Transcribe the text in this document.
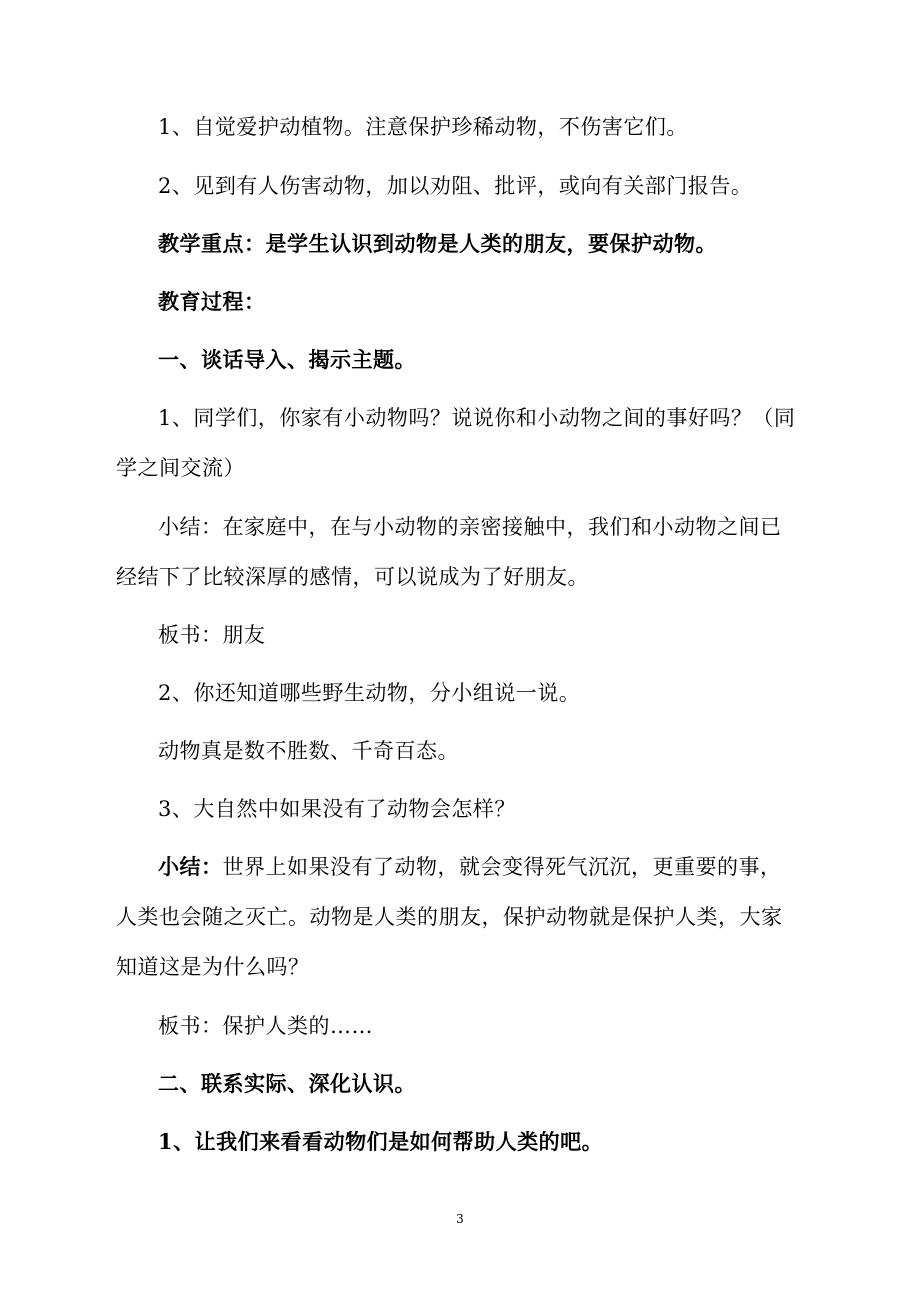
1、自觉爱护动植物。注意保护珍稀动物，不伤害它们。
2、见到有人伤害动物，加以劝阻、批评，或向有关部门报告。
教学重点：是学生认识到动物是人类的朋友，要保护动物。
教育过程：
一、谈话导入、揭示主题。
1、同学们，你家有小动物吗？说说你和小动物之间的事好吗？（同
学之间交流）
小结：在家庭中，在与小动物的亲密接触中，我们和小动物之间已
经结下了比较深厚的感情，可以说成为了好朋友。
板书：朋友
2、你还知道哪些野生动物，分小组说一说。
动物真是数不胜数、千奇百态。
3、大自然中如果没有了动物会怎样？
小结：世界上如果没有了动物，就会变得死气沉沉，更重要的事，
人类也会随之灭亡。动物是人类的朋友，保护动物就是保护人类，大家
知道这是为什么吗？
板书：保护人类的……
二、联系实际、深化认识。
1、让我们来看看动物们是如何帮助人类的吧。
3
